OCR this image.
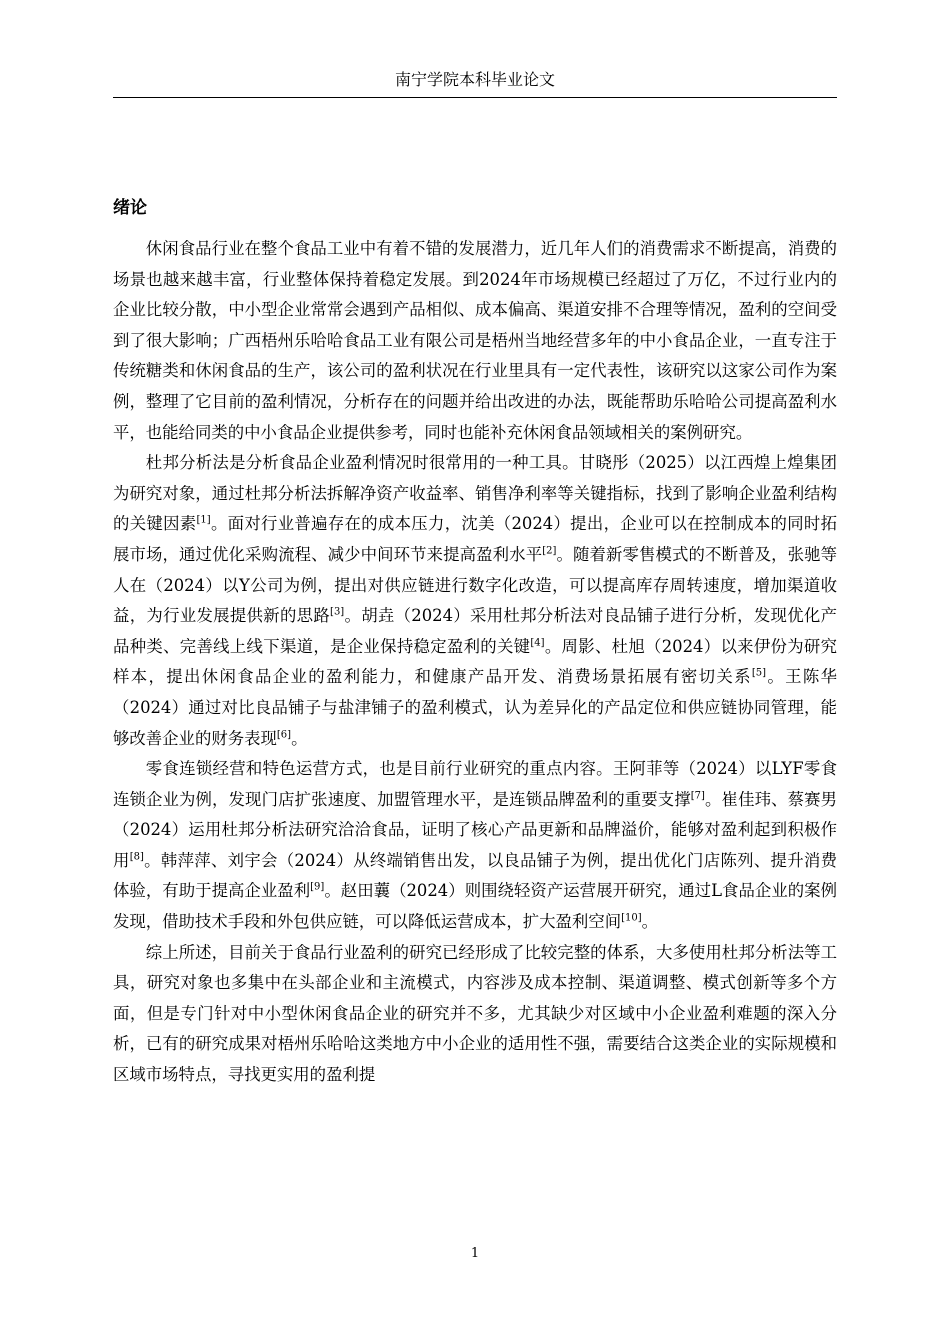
南宁学院本科毕业论文
绪论

休闲食品行业在整个食品工业中有着不错的发展潜力，近几年人们的消费需求不断提高，消费的场景也越来越丰富，行业整体保持着稳定发展。到2024年市场规模已经超过了万亿，不过行业内的企业比较分散，中小型企业常常会遇到产品相似、成本偏高、渠道安排不合理等情况，盈利的空间受到了很大影响；广西梧州乐哈哈食品工业有限公司是梧州当地经营多年的中小食品企业，一直专注于传统糖类和休闲食品的生产，该公司的盈利状况在行业里具有一定代表性，该研究以这家公司作为案例，整理了它目前的盈利情况，分析存在的问题并给出改进的办法，既能帮助乐哈哈公司提高盈利水平，也能给同类的中小食品企业提供参考，同时也能补充休闲食品领域相关的案例研究。

杜邦分析法是分析食品企业盈利情况时很常用的一种工具。甘晓彤（2025）以江西煌上煌集团为研究对象，通过杜邦分析法拆解净资产收益率、销售净利率等关键指标，找到了影响企业盈利结构的关键因素[1]。面对行业普遍存在的成本压力，沈美（2024）提出，企业可以在控制成本的同时拓展市场，通过优化采购流程、减少中间环节来提高盈利水平[2]。随着新零售模式的不断普及，张驰等人在（2024）以Y公司为例，提出对供应链进行数字化改造，可以提高库存周转速度，增加渠道收益，为行业发展提供新的思路[3]。胡垚（2024）采用杜邦分析法对良品铺子进行分析，发现优化产品种类、完善线上线下渠道，是企业保持稳定盈利的关键[4]。周影、杜旭（2024）以来伊份为研究样本，提出休闲食品企业的盈利能力，和健康产品开发、消费场景拓展有密切关系[5]。王陈华（2024）通过对比良品铺子与盐津铺子的盈利模式，认为差异化的产品定位和供应链协同管理，能够改善企业的财务表现[6]。

零食连锁经营和特色运营方式，也是目前行业研究的重点内容。王阿菲等（2024）以LYF零食连锁企业为例，发现门店扩张速度、加盟管理水平，是连锁品牌盈利的重要支撑[7]。崔佳玮、蔡赛男（2024）运用杜邦分析法研究洽洽食品，证明了核心产品更新和品牌溢价，能够对盈利起到积极作用[8]。韩萍萍、刘宇会（2024）从终端销售出发，以良品铺子为例，提出优化门店陈列、提升消费体验，有助于提高企业盈利[9]。赵田蘘（2024）则围绕轻资产运营展开研究，通过L食品企业的案例发现，借助技术手段和外包供应链，可以降低运营成本，扩大盈利空间[10]。

综上所述，目前关于食品行业盈利的研究已经形成了比较完整的体系，大多使用杜邦分析法等工具，研究对象也多集中在头部企业和主流模式，内容涉及成本控制、渠道调整、模式创新等多个方面，但是专门针对中小型休闲食品企业的研究并不多，尤其缺少对区域中小企业盈利难题的深入分析，已有的研究成果对梧州乐哈哈这类地方中小企业的适用性不强，需要结合这类企业的实际规模和区域市场特点，寻找更实用的盈利提

1
